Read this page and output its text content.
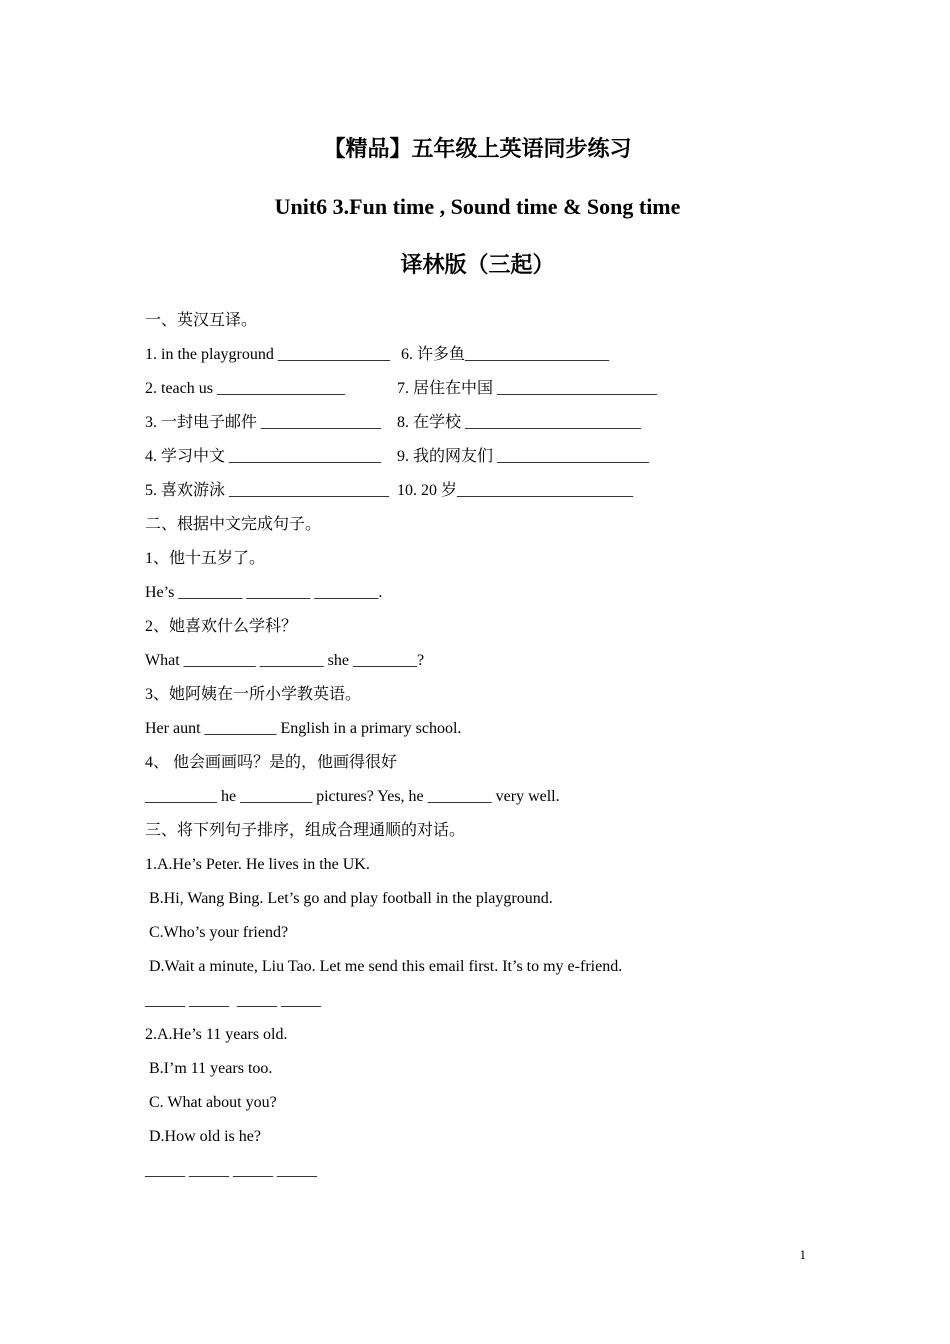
【精品】五年级上英语同步练习

Unit6 3.Fun time , Sound time & Song time

译林版（三起）

一、英汉互译。

1. in the playground ______________ 6. 许多鱼__________________

2. teach us ________________	7. 居住在中国 ____________________

3. 一封电子邮件 _______________ 8. 在学校 ______________________

4. 学习中文 ___________________ 9. 我的网友们 ___________________

5. 喜欢游泳 ____________________ 10. 20 岁______________________

二、根据中文完成句子。

1、他十五岁了。

He’s ________ ________ ________.

2、她喜欢什么学科？

What _________ ________ she ________?

3、她阿姨在一所小学教英语。

Her aunt _________ English in a primary school.

4、 他会画画吗？是的，他画得很好

_________ he _________ pictures? Yes, he ________ very well.

三、将下列句子排序，组成合理通顺的对话。

1.A.He’s Peter. He lives in the UK.

B.Hi, Wang Bing. Let’s go and play football in the playground.

C.Who’s your friend?

D.Wait a minute, Liu Tao. Let me send this email first. It’s to my e-friend.

_____ _____  _____ _____

2.A.He’s 11 years old.

B.I’m 11 years too.

C. What about you?

D.How old is he?

_____ _____ _____ _____

1
